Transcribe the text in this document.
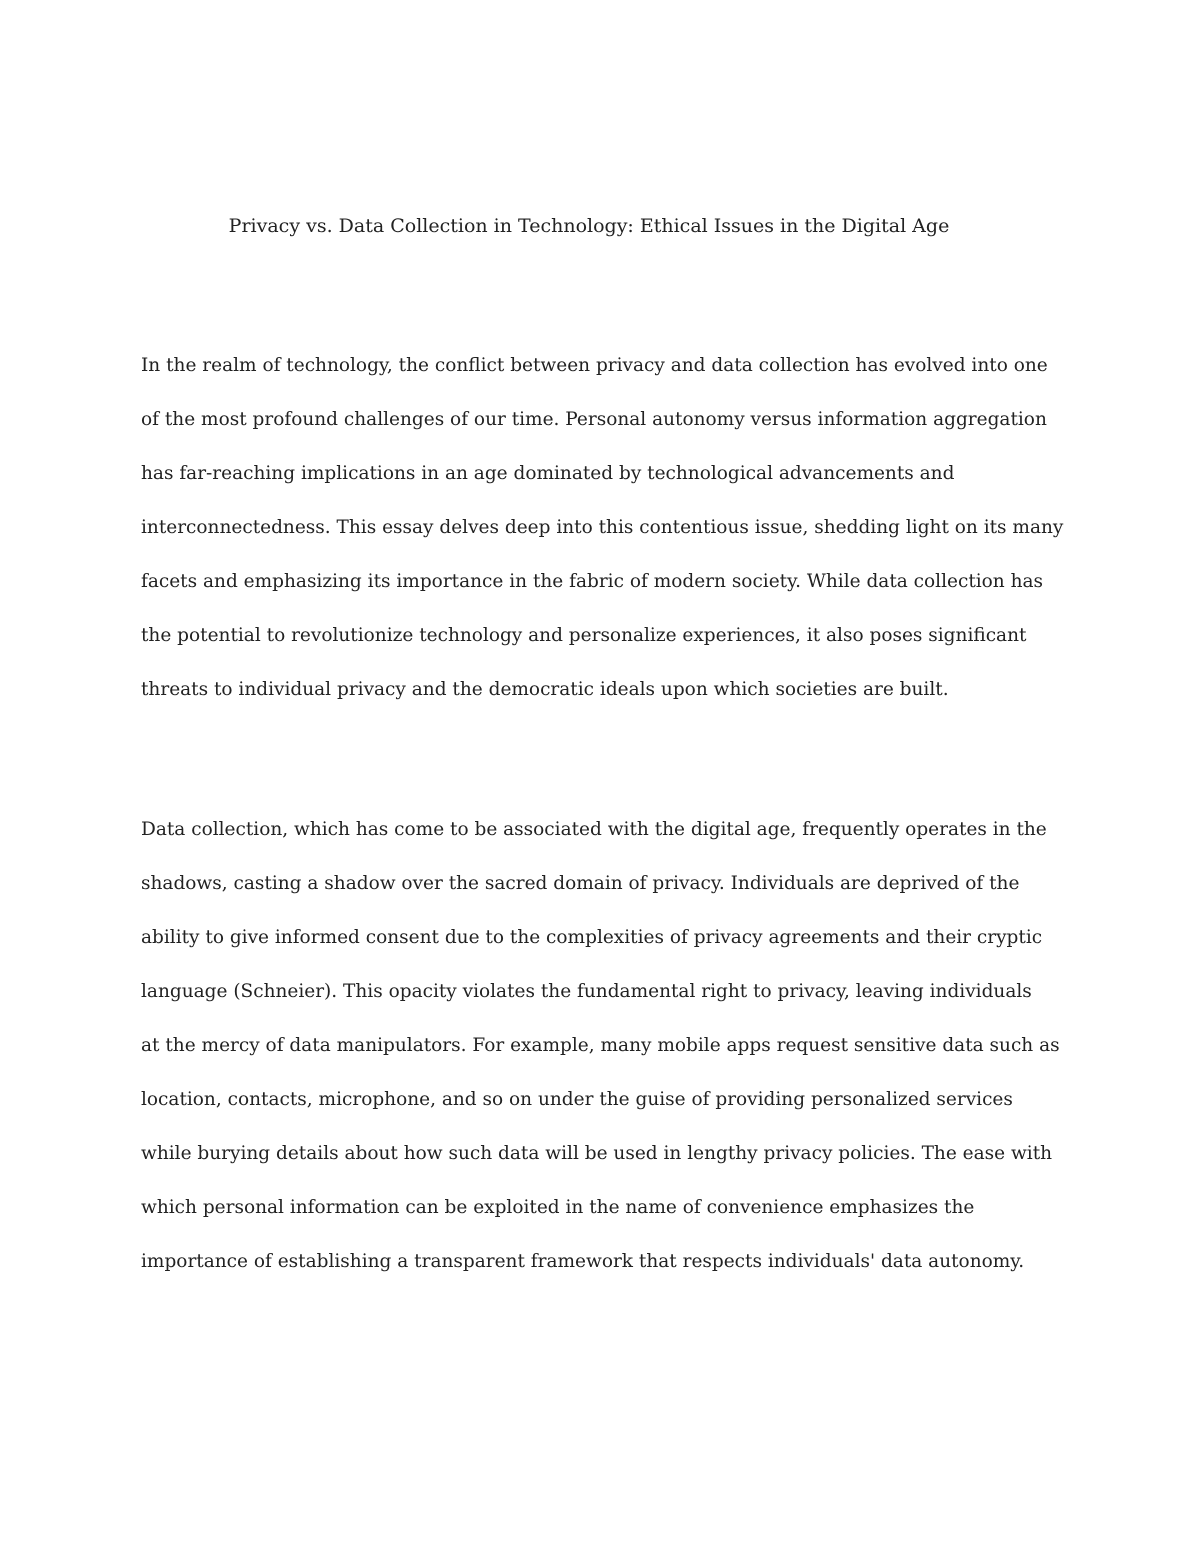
Privacy vs. Data Collection in Technology: Ethical Issues in the Digital Age
In the realm of technology, the conflict between privacy and data collection has evolved into one
of the most profound challenges of our time. Personal autonomy versus information aggregation
has far-reaching implications in an age dominated by technological advancements and
interconnectedness. This essay delves deep into this contentious issue, shedding light on its many
facets and emphasizing its importance in the fabric of modern society. While data collection has
the potential to revolutionize technology and personalize experiences, it also poses significant
threats to individual privacy and the democratic ideals upon which societies are built.
Data collection, which has come to be associated with the digital age, frequently operates in the
shadows, casting a shadow over the sacred domain of privacy. Individuals are deprived of the
ability to give informed consent due to the complexities of privacy agreements and their cryptic
language (Schneier). This opacity violates the fundamental right to privacy, leaving individuals
at the mercy of data manipulators. For example, many mobile apps request sensitive data such as
location, contacts, microphone, and so on under the guise of providing personalized services
while burying details about how such data will be used in lengthy privacy policies. The ease with
which personal information can be exploited in the name of convenience emphasizes the
importance of establishing a transparent framework that respects individuals' data autonomy.
